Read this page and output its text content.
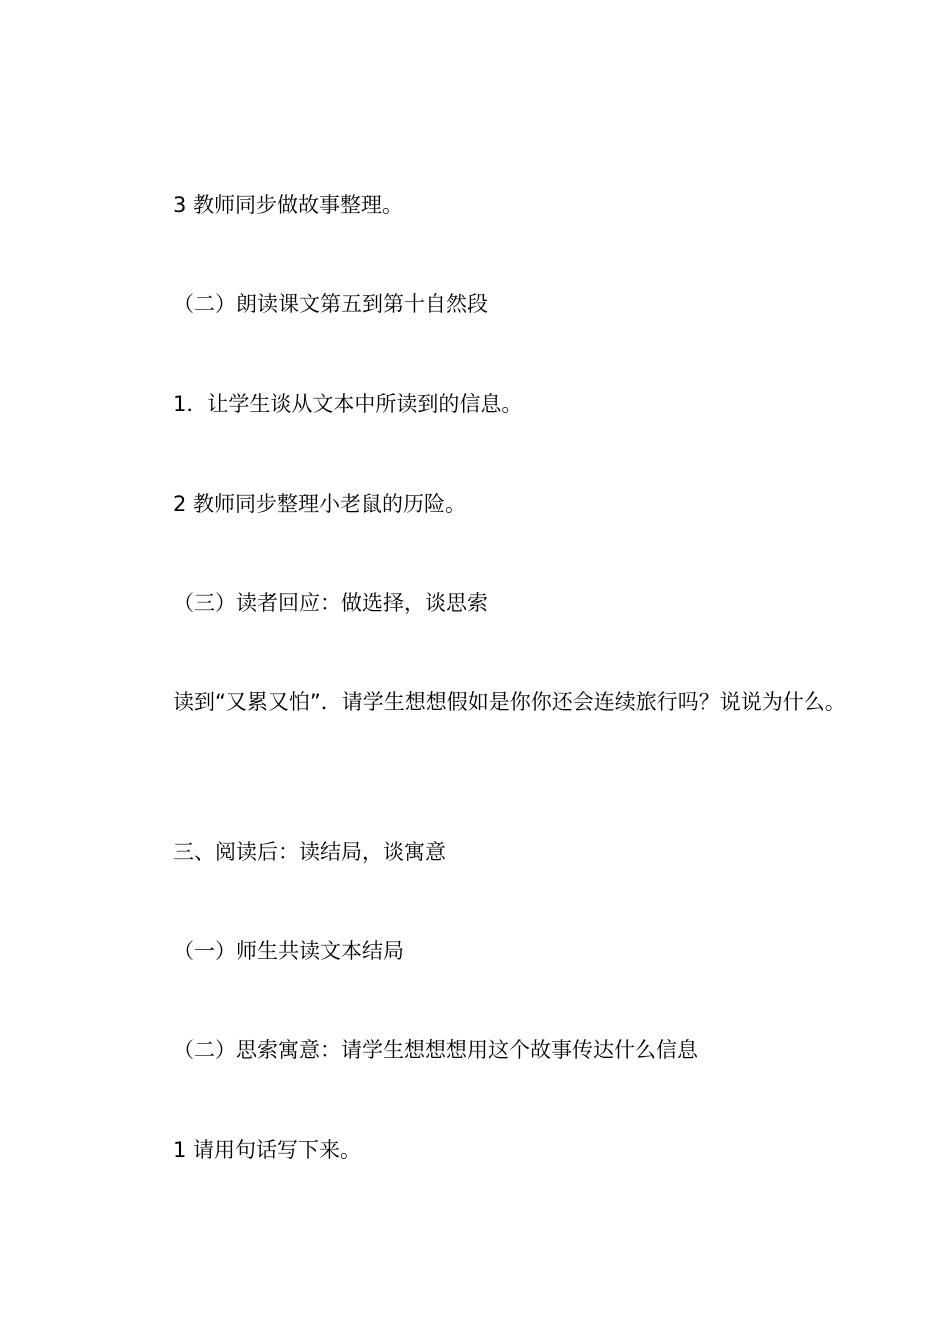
3 教师同步做故事整理。
（二）朗读课文第五到第十自然段
1．让学生谈从文本中所读到的信息。
2 教师同步整理小老鼠的历险。
（三）读者回应：做选择，谈思索
读到“又累又怕”．请学生想想假如是你你还会连续旅行吗？说说为什么。
三、阅读后：读结局，谈寓意
（一）师生共读文本结局
（二）思索寓意：请学生想想想用这个故事传达什么信息
1 请用句话写下来。
